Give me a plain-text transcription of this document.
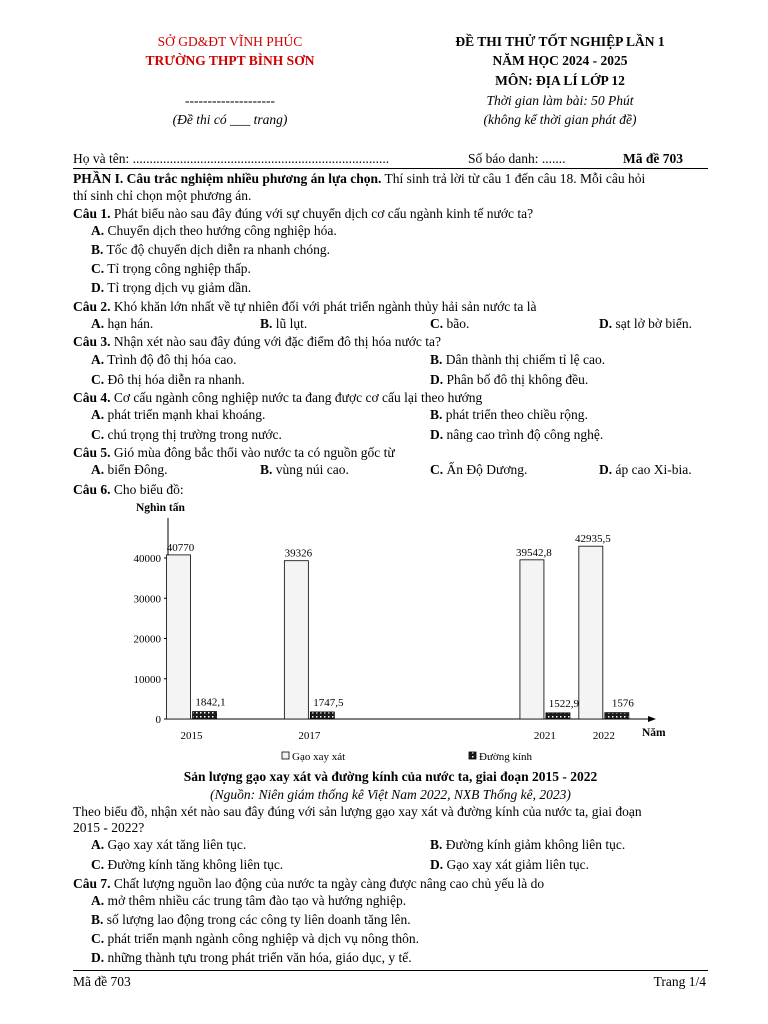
SỞ GD&ĐT VĨNH PHÚC
TRƯỜNG THPT BÌNH SƠN
--------------------
(Đề thi có ___ trang)
ĐỀ THI THỬ TỐT NGHIỆP LẦN 1
NĂM HỌC 2024 - 2025
MÔN: ĐỊA LÍ LỚP 12
Thời gian làm bài: 50 Phút
(không kể thời gian phát đề)
Họ và tên: ............................................................................	Số báo danh: .......	Mã đề 703
PHẦN I. Câu trắc nghiệm nhiều phương án lựa chọn. Thí sinh trả lời từ câu 1 đến câu 18. Mỗi câu hỏi
thí sinh chỉ chọn một phương án.
Câu 1. Phát biểu nào sau đây đúng với sự chuyển dịch cơ cấu ngành kinh tế nước ta?
A. Chuyển dịch theo hướng công nghiệp hóa.
B. Tốc độ chuyển dịch diễn ra nhanh chóng.
C. Tỉ trọng công nghiệp thấp.
D. Tỉ trọng dịch vụ giảm dần.
Câu 2. Khó khăn lớn nhất về tự nhiên đối với phát triển ngành thủy hải sản nước ta là
A. hạn hán.	B. lũ lụt.	C. bão.	D. sạt lở bờ biển.
Câu 3. Nhận xét nào sau đây đúng với đặc điểm đô thị hóa nước ta?
A. Trình độ đô thị hóa cao.	B. Dân thành thị chiếm tỉ lệ cao.
C. Đô thị hóa diễn ra nhanh.	D. Phân bố đô thị không đều.
Câu 4. Cơ cấu ngành công nghiệp nước ta đang được cơ cấu lại theo hướng
A. phát triển mạnh khai khoáng.	B. phát triển theo chiều rộng.
C. chú trọng thị trường trong nước.	D. nâng cao trình độ công nghệ.
Câu 5. Gió mùa đông bắc thổi vào nước ta có nguồn gốc từ
A. biển Đông.	B. vùng núi cao.	C. Ấn Độ Dương.	D. áp cao Xi-bia.
Câu 6. Cho biểu đồ:
0
10000
20000
30000
40000
Nghìn tấn
Năm
40770
1842,1
2015
39326
1747,5
2017
39542,8
1522,9
2021
42935,5
1576
2022
Gạo xay xát	Đường kính
Sản lượng gạo xay xát và đường kính của nước ta, giai đoạn 2015 - 2022
(Nguồn: Niên giám thống kê Việt Nam 2022, NXB Thống kê, 2023)
Theo biểu đồ, nhận xét nào sau đây đúng với sản lượng gạo xay xát và đường kính của nước ta, giai đoạn
2015 - 2022?
A. Gạo xay xát tăng liên tục.	B. Đường kính giảm không liên tục.
C. Đường kính tăng không liên tục.	D. Gạo xay xát giảm liên tục.
Câu 7. Chất lượng nguồn lao động của nước ta ngày càng được nâng cao chủ yếu là do
A. mở thêm nhiều các trung tâm đào tạo và hướng nghiệp.
B. số lượng lao động trong các công ty liên doanh tăng lên.
C. phát triển mạnh ngành công nghiệp và dịch vụ nông thôn.
D. những thành tựu trong phát triển văn hóa, giáo dục, y tế.
Mã đề 703	Trang 1/4
